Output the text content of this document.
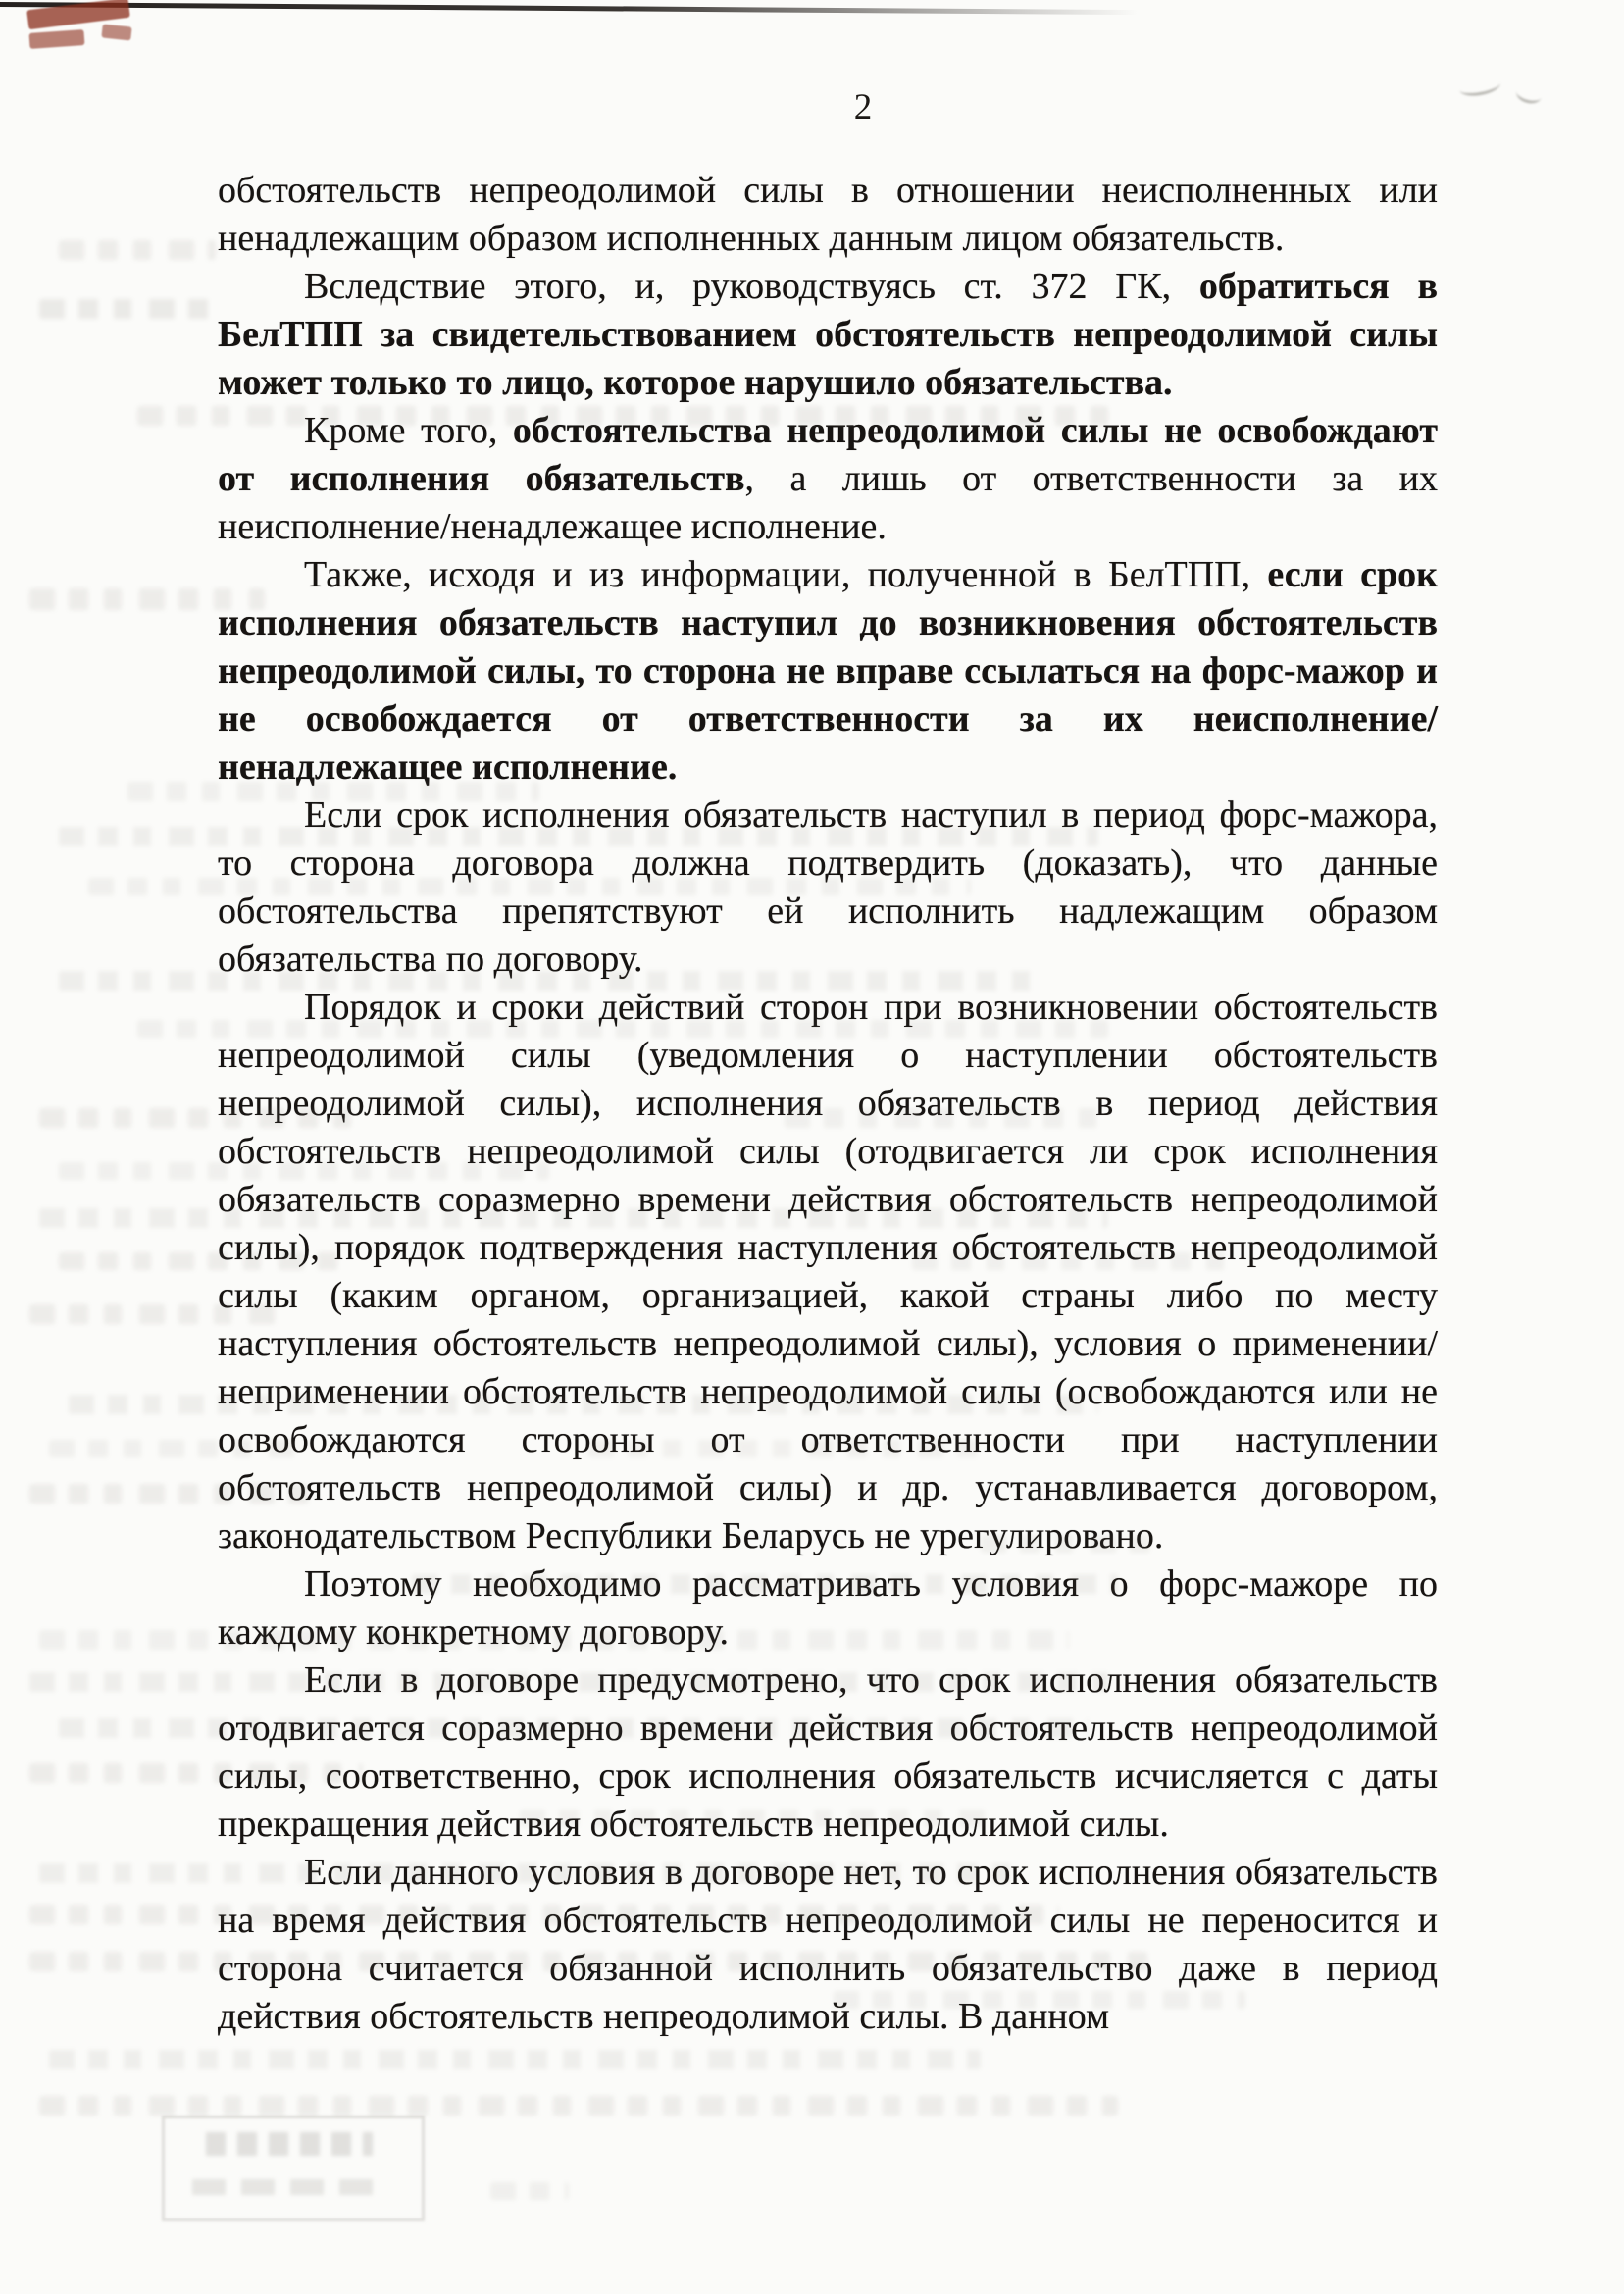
2

обстоятельств непреодолимой силы в отношении неисполненных или ненадлежащим образом исполненных данным лицом обязательств.

Вследствие этого, и, руководствуясь ст. 372 ГК, обратиться в БелТПП за свидетельствованием обстоятельств непреодолимой силы может только то лицо, которое нарушило обязательства.

Кроме того, обстоятельства непреодолимой силы не освобождают от исполнения обязательств, а лишь от ответственности за их неисполнение/ненадлежащее исполнение.

Также, исходя и из информации, полученной в БелТПП, если срок исполнения обязательств наступил до возникновения обстоятельств непреодолимой силы, то сторона не вправе ссылаться на форс-мажор и не освобождается от ответственности за их неисполнение/ненадлежащее исполнение.

Если срок исполнения обязательств наступил в период форс-мажора, то сторона договора должна подтвердить (доказать), что данные обстоятельства препятствуют ей исполнить надлежащим образом обязательства по договору.

Порядок и сроки действий сторон при возникновении обстоятельств непреодолимой силы (уведомления о наступлении обстоятельств непреодолимой силы), исполнения обязательств в период действия обстоятельств непреодолимой силы (отодвигается ли срок исполнения обязательств соразмерно времени действия обстоятельств непреодолимой силы), порядок подтверждения наступления обстоятельств непреодолимой силы (каким органом, организацией, какой страны либо по месту наступления обстоятельств непреодолимой силы), условия о применении/неприменении обстоятельств непреодолимой силы (освобождаются или не освобождаются стороны от ответственности при наступлении обстоятельств непреодолимой силы) и др. устанавливается договором, законодательством Республики Беларусь не урегулировано.

Поэтому необходимо рассматривать условия о форс-мажоре по каждому конкретному договору.

Если в договоре предусмотрено, что срок исполнения обязательств отодвигается соразмерно времени действия обстоятельств непреодолимой силы, соответственно, срок исполнения обязательств исчисляется с даты прекращения действия обстоятельств непреодолимой силы.

Если данного условия в договоре нет, то срок исполнения обязательств на время действия обстоятельств непреодолимой силы не переносится и сторона считается обязанной исполнить обязательство даже в период действия обстоятельств непреодолимой силы. В данном
